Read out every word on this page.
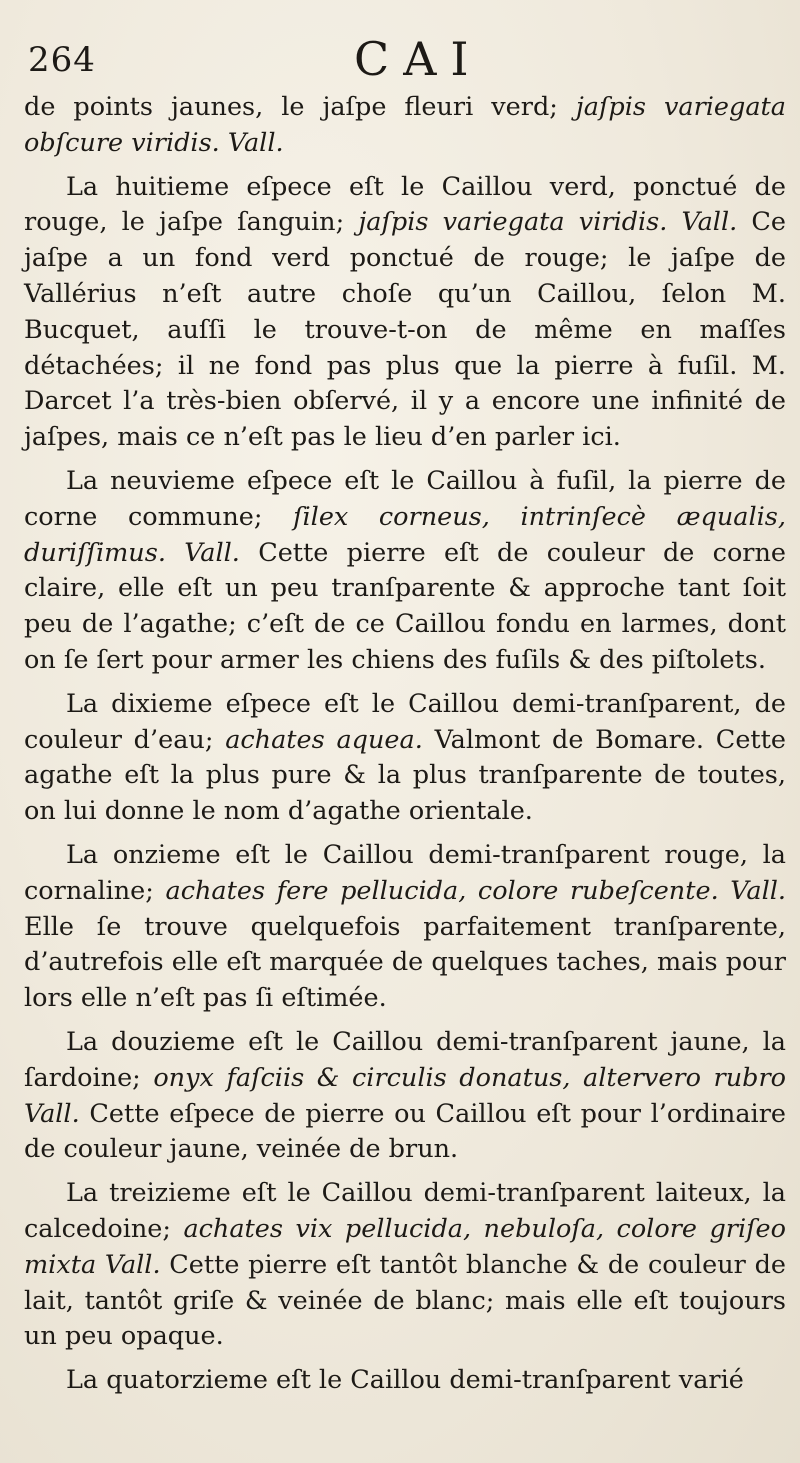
264	CAI

de points jaunes, le jaſpe fleuri verd; jaſpis variegata obſcure viridis. Vall.

La huitieme eſpece eſt le Caillou verd, ponctué de rouge, le jaſpe ſanguin; jaſpis variegata viridis. Vall. Ce jaſpe a un fond verd ponctué de rouge; le jaſpe de Vallérius n’eſt autre choſe qu’un Caillou, ſelon M. Bucquet, auſſi le trouve-t-on de même en maſſes détachées; il ne fond pas plus que la pierre à fuſil. M. Darcet l’a très-bien obſervé, il y a encore une infinité de jaſpes, mais ce n’eſt pas le lieu d’en parler ici.

La neuvieme eſpece eſt le Caillou à fuſil, la pierre de corne commune; ſilex corneus, intrinſecè æqualis, duriſſimus. Vall. Cette pierre eſt de couleur de corne claire, elle eſt un peu tranſparente & approche tant ſoit peu de l’agathe; c’eſt de ce Caillou fondu en larmes, dont on ſe ſert pour armer les chiens des fuſils & des piſtolets.

La dixieme eſpece eſt le Caillou demi-tranſparent, de couleur d’eau; achates aquea. Valmont de Bomare. Cette agathe eſt la plus pure & la plus tranſparente de toutes, on lui donne le nom d’agathe orientale.

La onzieme eſt le Caillou demi-tranſparent rouge, la cornaline; achates fere pellucida, colore rubeſcente. Vall. Elle ſe trouve quelquefois parfaitement tranſparente, d’autrefois elle eſt marquée de quelques taches, mais pour lors elle n’eſt pas ſi eſtimée.

La douzieme eſt le Caillou demi-tranſparent jaune, la ſardoine; onyx faſciis & circulis donatus, altervero rubro Vall. Cette eſpece de pierre ou Caillou eſt pour l’ordinaire de couleur jaune, veinée de brun.

La treizieme eſt le Caillou demi-tranſparent laiteux, la calcedoine; achates vix pellucida, nebuloſa, colore griſeo mixta Vall. Cette pierre eſt tantôt blanche & de couleur de lait, tantôt griſe & veinée de blanc; mais elle eſt toujours un peu opaque.

La quatorzieme eſt le Caillou demi-tranſparent varié
